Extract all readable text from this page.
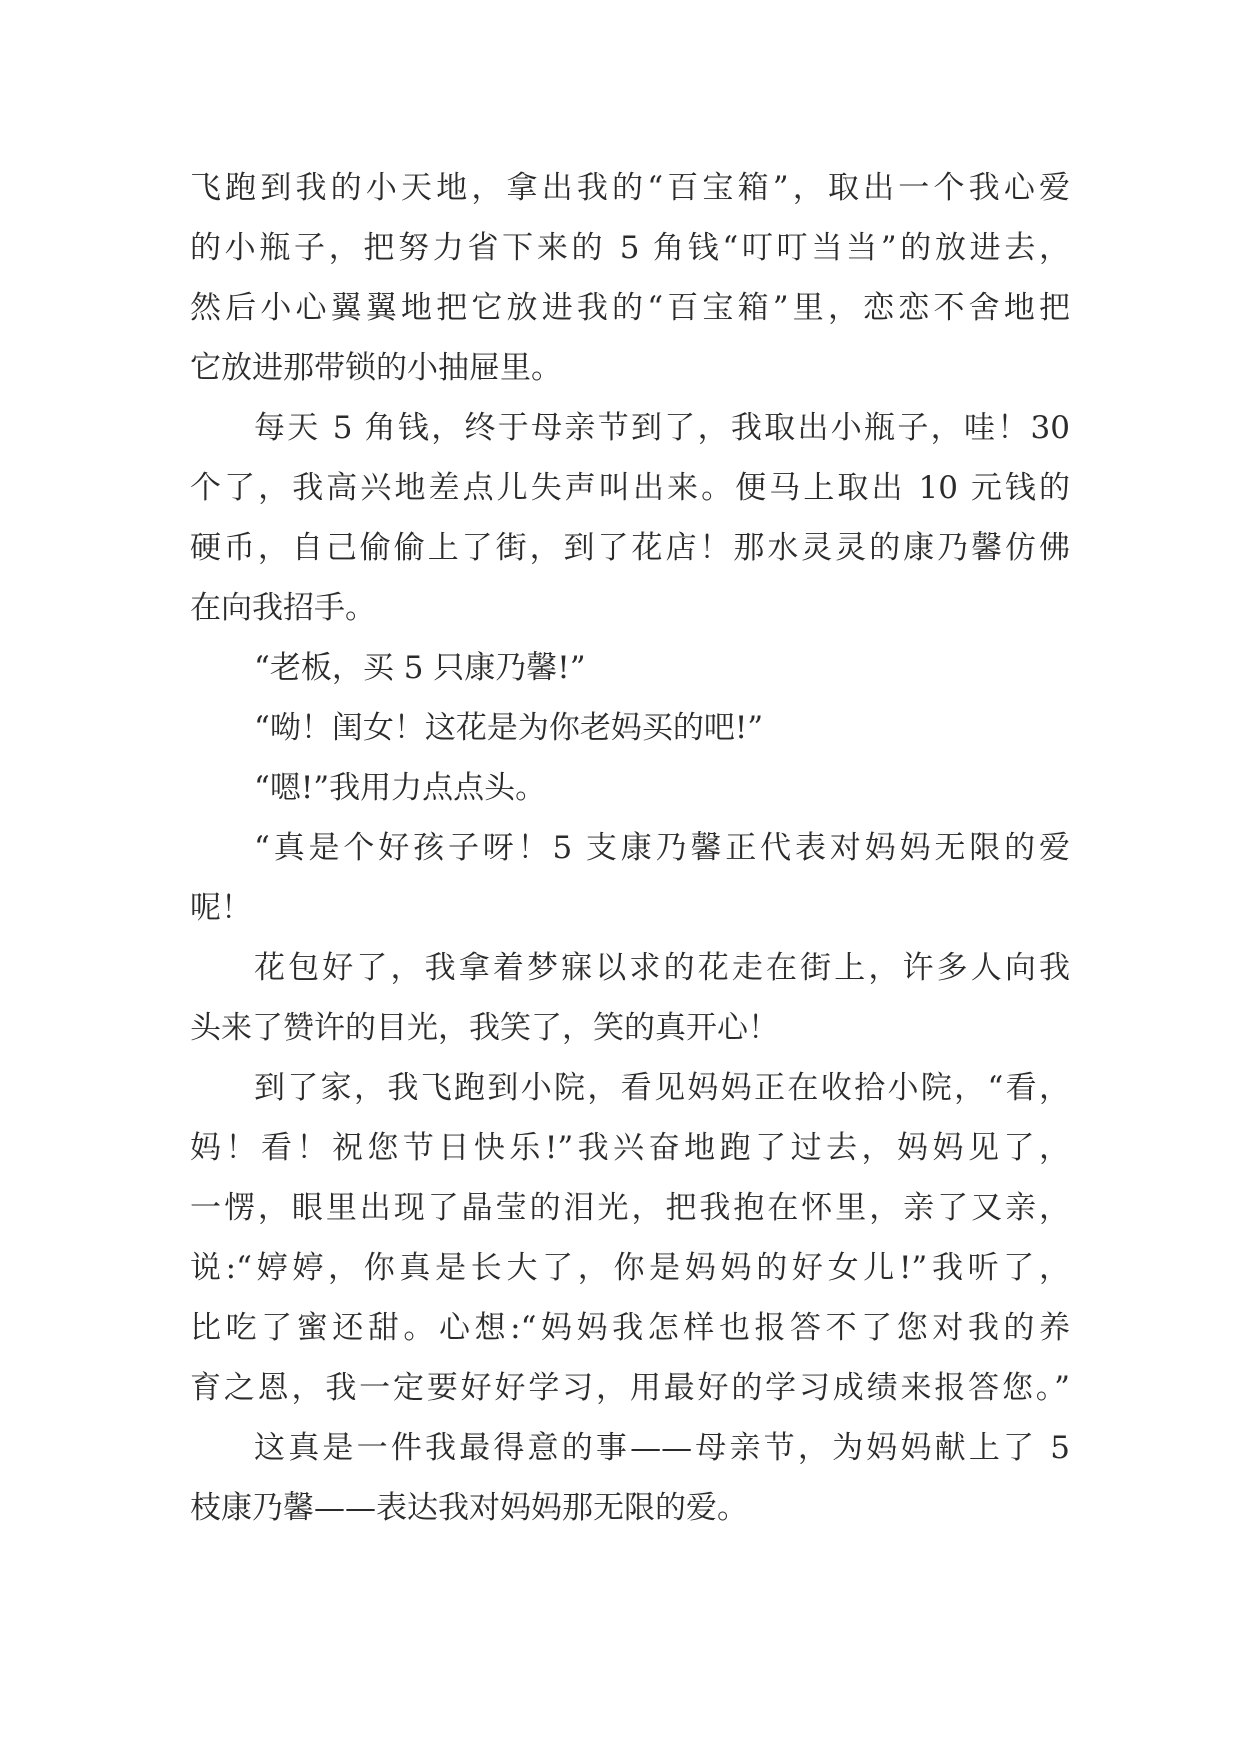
飞跑到我的小天地，拿出我的“百宝箱”，取出一个我心爱
的小瓶子，把努力省下来的 5 角钱“叮叮当当”的放进去，
然后小心翼翼地把它放进我的“百宝箱”里，恋恋不舍地把
它放进那带锁的小抽屉里。
每天 5 角钱，终于母亲节到了，我取出小瓶子，哇！30
个了，我高兴地差点儿失声叫出来。便马上取出 10 元钱的
硬币，自己偷偷上了街，到了花店！那水灵灵的康乃馨仿佛
在向我招手。
“老板，买 5 只康乃馨!”
“呦！闺女！这花是为你老妈买的吧!”
“嗯!”我用力点点头。
“真是个好孩子呀！5 支康乃馨正代表对妈妈无限的爱
呢！
花包好了，我拿着梦寐以求的花走在街上，许多人向我
头来了赞许的目光，我笑了，笑的真开心！
到了家，我飞跑到小院，看见妈妈正在收拾小院，“看，
妈！看！祝您节日快乐!”我兴奋地跑了过去，妈妈见了，
一愣，眼里出现了晶莹的泪光，把我抱在怀里，亲了又亲，
说:“婷婷，你真是长大了，你是妈妈的好女儿!”我听了，
比吃了蜜还甜。心想:“妈妈我怎样也报答不了您对我的养
育之恩，我一定要好好学习，用最好的学习成绩来报答您。”
这真是一件我最得意的事——母亲节，为妈妈献上了 5
枝康乃馨——表达我对妈妈那无限的爱。
